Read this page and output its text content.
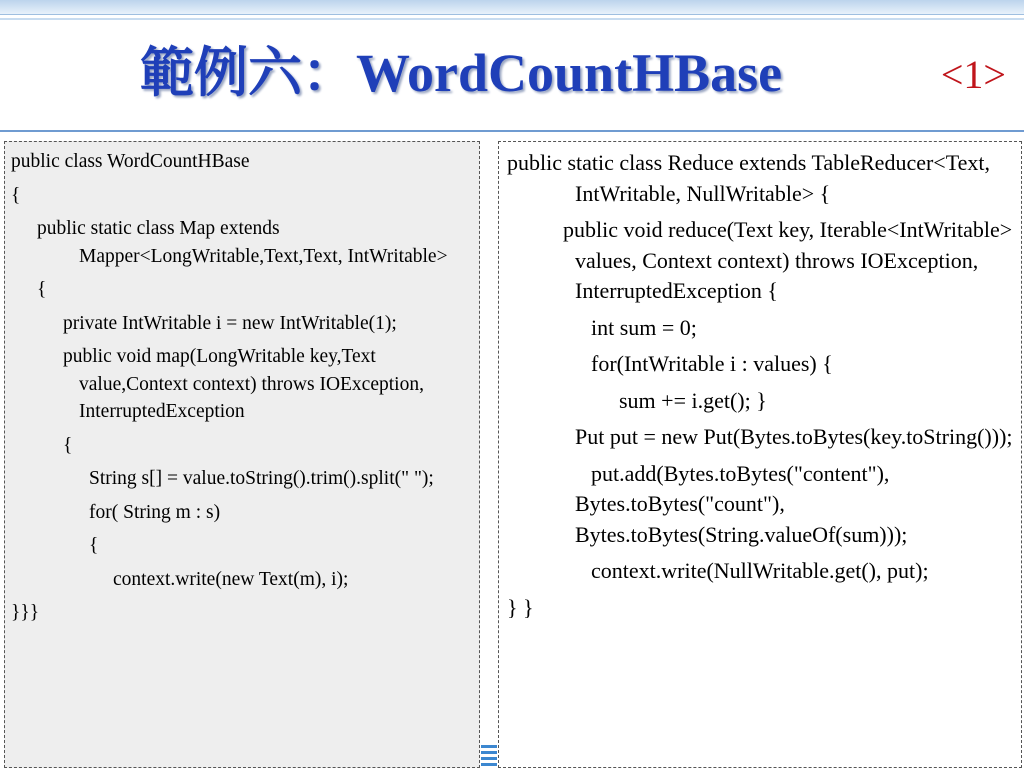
範例六：WordCountHBase	<1>

public class WordCountHBase

{

public static class Map extends Mapper<LongWritable,Text,Text, IntWritable>

{

private IntWritable i = new IntWritable(1);

public void map(LongWritable key,Text value,Context context) throws IOException, InterruptedException

{

String s[] = value.toString().trim().split(" ");

for( String m : s)

{

context.write(new Text(m), i);

}}}

public static class Reduce extends TableReducer<Text, IntWritable, NullWritable> {

public void reduce(Text key, Iterable<IntWritable> values, Context context) throws IOException, InterruptedException {

int sum = 0;

for(IntWritable i : values) {

sum += i.get(); }

Put put = new Put(Bytes.toBytes(key.toString()));

put.add(Bytes.toBytes("content"), Bytes.toBytes("count"), Bytes.toBytes(String.valueOf(sum)));

context.write(NullWritable.get(), put);

} }
